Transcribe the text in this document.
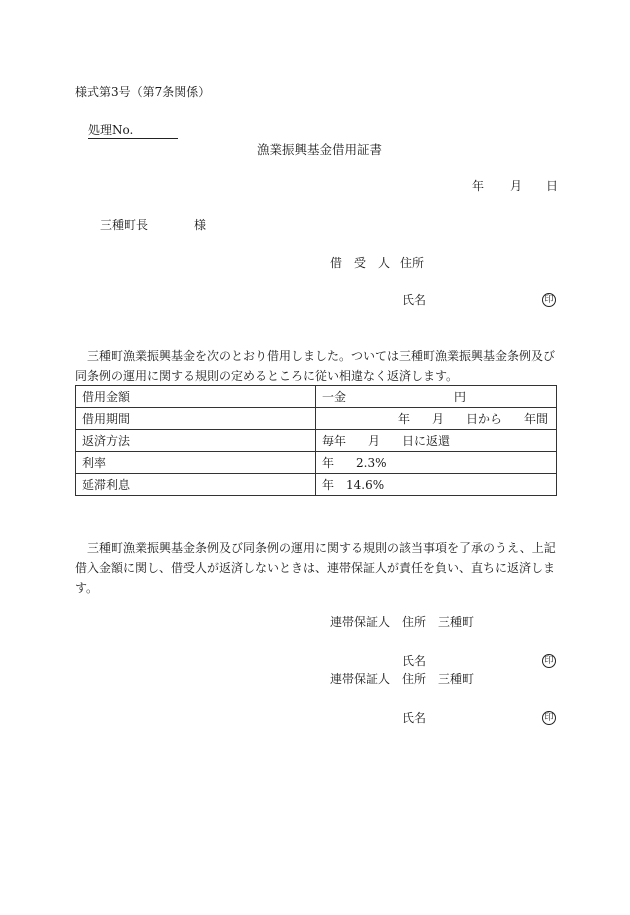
様式第3号（第7条関係）
処理No.
漁業振興基金借用証書
年 月 日
三種町長	様
借　受　人 住所
氏名	印
三種町漁業振興基金を次のとおり借用しました。ついては三種町漁業振興基金条例及び同条例の運用に関する規則の定めるところに従い相違なく返済します。
借用金額	一金 円
借用期間	年 月 日から 年間
返済方法	毎年 月 日に返還
利率	年 2.3%
延滞利息	年 14.6%
三種町漁業振興基金条例及び同条例の運用に関する規則の該当事項を了承のうえ、上記借入金額に関し、借受人が返済しないときは、連帯保証人が責任を負い、直ちに返済します。
連帯保証人 住所 三種町
氏名	印
連帯保証人 住所 三種町
氏名	印
